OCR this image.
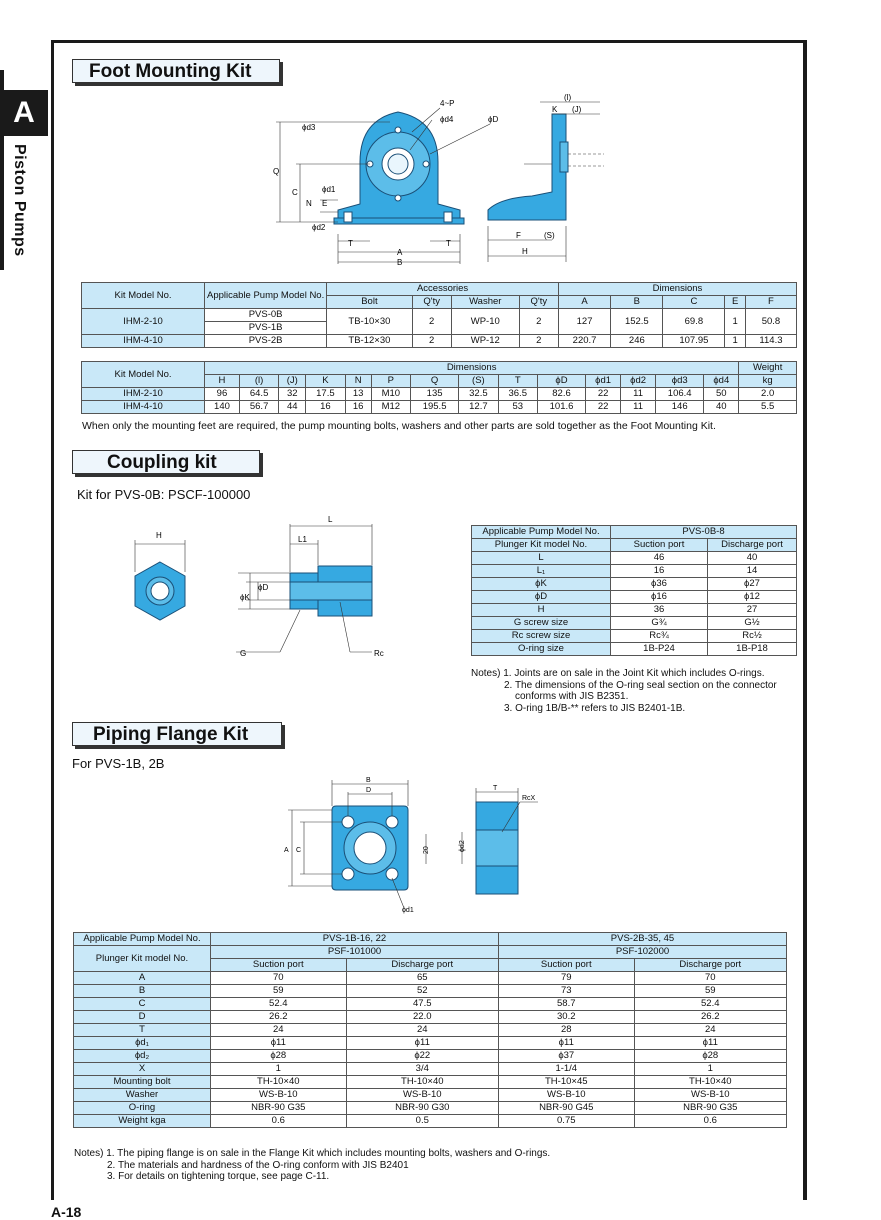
A
Piston Pumps
Foot Mounting Kit
ϕd3
4~P
ϕd4	ϕD
Q
C	ϕd1
N E
ϕd2
T	T
A
B
(l)
K (J)
F	(S)
H
Kit Model No.	Applicable Pump Model No.	Accessories				Dimensions				
		Bolt	Q'ty	Washer	Q'ty	A	B	C	E	F
IHM-2-10	PVS-0B	TB-10×30	2	WP-10	2	127	152.5	69.8	1	50.8
	PVS-1B									
IHM-4-10	PVS-2B	TB-12×30	2	WP-12	2	220.7	246	107.95	1	114.3
Kit Model No.	Dimensions														Weight
	H	(l)	(J)	K	N	P	Q	(S)	T	ϕD	ϕd1	ϕd2	ϕd3	ϕd4	kg
IHM-2-10	96	64.5	32	17.5	13	M10	135	32.5	36.5	82.6	22	11	106.4	50	2.0
IHM-4-10	140	56.7	44	16	16	M12	195.5	12.7	53	101.6	22	11	146	40	5.5
When only the mounting feet are required, the pump mounting bolts, washers and other parts are sold together as the Foot Mounting Kit.
Coupling kit
Kit for PVS-0B: PSCF-100000
H
L
L1
ϕD
ϕK
G	Rc
Applicable Pump Model No.	PVS-0B-8	
Plunger Kit model No.	Suction port	Discharge port
L	46	40
L₁	16	14
ϕK	ϕ36	ϕ27
ϕD	ϕ16	ϕ12
H	36	27
G screw size	G¾	G½
Rc screw size	Rc¾	Rc½
O-ring size	1B-P24	1B-P18
Notes) 1. Joints are on sale in the Joint Kit which includes O-rings.
2. The dimensions of the O-ring seal section on the connector
conforms with JIS B2351.
3. O-ring 1B/B-** refers to JIS B2401-1B.
Piping Flange Kit
For PVS-1B, 2B
B
D
A C	20
ϕd1
T
RcX
ϕd2
Applicable Pump Model No.	PVS-1B-16, 22		PVS-2B-35, 45	
Plunger Kit model No.	PSF-101000		PSF-102000	
	Suction port	Discharge port	Suction port	Discharge port
A	70	65	79	70
B	59	52	73	59
C	52.4	47.5	58.7	52.4
D	26.2	22.0	30.2	26.2
T	24	24	28	24
ϕd₁	ϕ11	ϕ11	ϕ11	ϕ11
ϕd₂	ϕ28	ϕ22	ϕ37	ϕ28
X	1	3/4	1-1/4	1
Mounting bolt	TH-10×40	TH-10×40	TH-10×45	TH-10×40
Washer	WS-B-10	WS-B-10	WS-B-10	WS-B-10
O-ring	NBR-90 G35	NBR-90 G30	NBR-90 G45	NBR-90 G35
Weight kga	0.6	0.5	0.75	0.6
Notes) 1. The piping flange is on sale in the Flange Kit which includes mounting bolts, washers and O-rings.
2. The materials and hardness of the O-ring conform with JIS B2401
3. For details on tightening torque, see page C-11.
A-18
